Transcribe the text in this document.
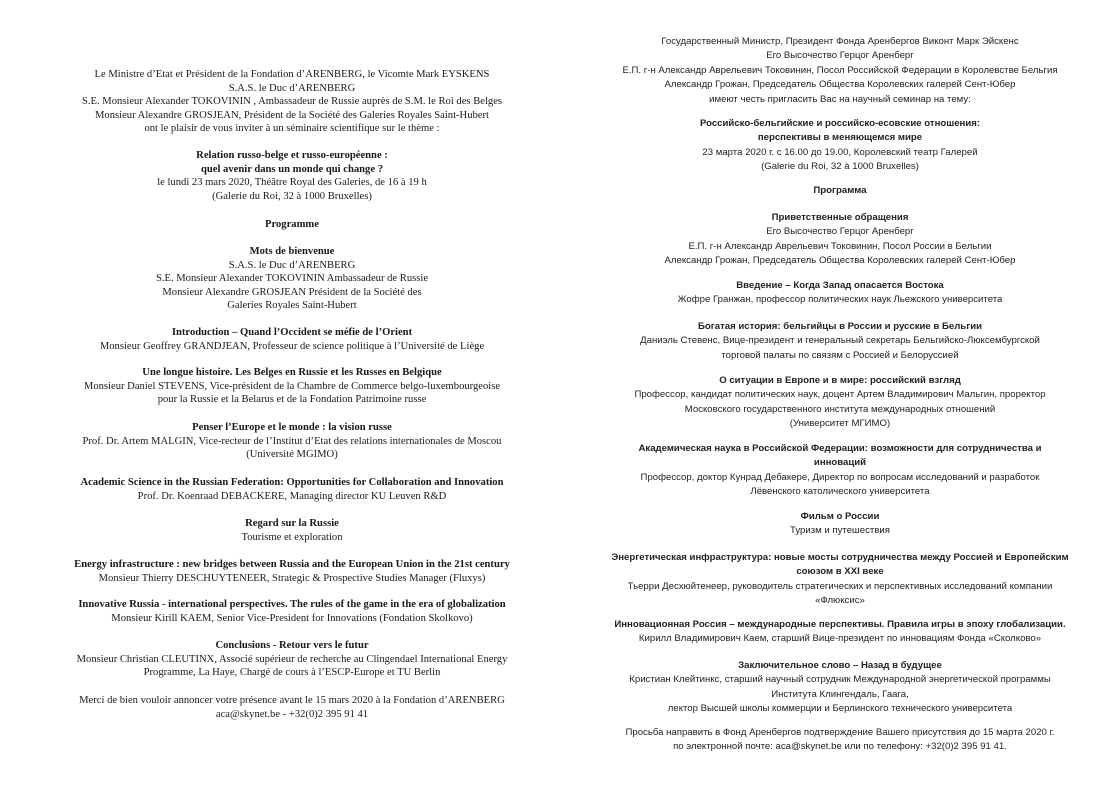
Le Ministre d’Etat et Président de la Fondation d’ARENBERG, le Vicomte Mark EYSKENS
S.A.S. le Duc d’ARENBERG
S.E. Monsieur Alexander TOKOVININ , Ambassadeur de Russie auprès de S.M. le Roi des Belges
Monsieur Alexandre GROSJEAN, Président de la Société des Galeries Royales Saint-Hubert
ont le plaisir de vous inviter à un séminaire scientifique sur le thème :
Relation russo-belge et russo-européenne :
quel avenir dans un monde qui change ?
le lundi 23 mars 2020, Théâtre Royal des Galeries, de 16 à 19 h
(Galerie du Roi, 32 à 1000 Bruxelles)
Programme
Mots de bienvenue
S.A.S. le Duc d’ARENBERG
S.E. Monsieur Alexander TOKOVININ Ambassadeur de Russie
Monsieur Alexandre GROSJEAN Président de la Société des
Galeries Royales Saint-Hubert
Introduction – Quand l’Occident se méfie de l’Orient
Monsieur Geoffrey GRANDJEAN, Professeur de science politique à l’Université de Liège
Une longue histoire. Les Belges en Russie et les Russes en Belgique
Monsieur Daniel STEVENS, Vice-président de la Chambre de Commerce belgo-luxembourgeoise
pour la Russie et la Belarus et de la Fondation Patrimoine russe
Penser l’Europe et le monde : la vision russe
Prof. Dr. Artem MALGIN, Vice-recteur de l’Institut d’Etat des relations internationales de Moscou
(Université MGIMO)
Academic Science in the Russian Federation: Opportunities for Collaboration and Innovation
Prof. Dr. Koenraad DEBACKERE, Managing director KU Leuven R&D
Regard sur la Russie
Tourisme et exploration
Energy infrastructure : new bridges between Russia and the European Union in the 21st century
Monsieur Thierry DESCHUYTENEER, Strategic & Prospective Studies Manager (Fluxys)
Innovative Russia - international perspectives. The rules of the game in the era of globalization
Monsieur Kirill KAEM, Senior Vice-President for Innovations (Fondation Skolkovo)
Conclusions - Retour vers le futur
Monsieur Christian CLEUTINX, Associé supérieur de recherche au Clingendael International Energy
Programme, La Haye, Chargé de cours à l’ESCP-Europe et TU Berlin
Merci de bien vouloir annoncer votre présence avant le 15 mars 2020 à la Fondation d’ARENBERG
aca@skynet.be - +32(0)2 395 91 41
Государственный Министр, Президент Фонда Аренбергов Виконт Марк Эйскенс
Его Высочество Герцог Аренберг
Е.П. г-н Александр Аврельевич Токовинин, Посол Российской Федерации в Королевстве Бельгия
Александр Грожан, Председатель Общества Королевских галерей Сент-Юбер
имеют честь пригласить Вас на научный семинар на тему:
Российско-бельгийские и российско-есовские отношения:
перспективы в меняющемся мире
23 марта 2020 г. с 16.00 до 19.00, Королевский театр Галерей
(Galerie du Roi, 32 à 1000 Bruxelles)
Программа
Приветственные обращения
Его Высочество Герцог Аренберг
Е.П. г-н Александр Аврельевич Токовинин, Посол России в Бельгии
Александр Грожан, Председатель Общества Королевских галерей Сент-Юбер
Введение – Когда Запад опасается Востока
Жофре Гранжан, профессор политических наук Льежского университета
Богатая история: бельгийцы в России и русские в Бельгии
Даниэль Стевенс, Вице-президент и генеральный секретарь Бельгийско-Люксембургской
торговой палаты по связям с Россией и Белоруссией
О ситуации в Европе и в мире: российский взгляд
Профессор, кандидат политических наук, доцент Артем Владимирович Мальгин, проректор
Московского государственного института международных отношений
(Университет МГИМО)
Академическая наука в Российской Федерации: возможности для сотрудничества и
инноваций
Профессор, доктор Кунрад Дебакере, Директор по вопросам исследований и разработок
Лёвенского католического университета
Фильм о России
Туризм и путешествия
Энергетическая инфраструктура: новые мосты сотрудничества между Россией и Европейским
союзом в XXI веке
Тьерри Десхюйтенеер, руководитель стратегических и перспективных исследований компании
«Флюксис»
Инновационная Россия – международные перспективы. Правила игры в эпоху глобализации.
Кирилл Владимирович Каем, старший Вице-президент по инновациям Фонда «Сколково»
Заключительное слово – Назад в будущее
Кристиан Клейтинкс, старший научный сотрудник Международной энергетической программы
Института Клингендаль, Гаага,
лектор Высшей школы коммерции и Берлинского технического университета
Просьба направить в Фонд Аренбергов подтверждение Вашего присутствия до 15 марта 2020 г.
по электронной почте: aca@skynet.be или по телефону: +32(0)2 395 91 41.
